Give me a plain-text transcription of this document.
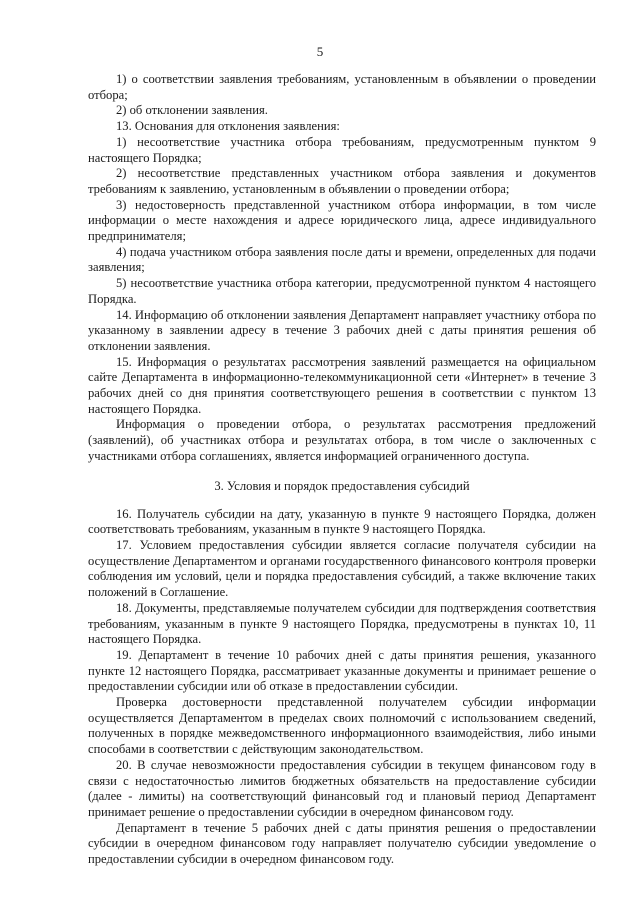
5

1) о соответствии заявления требованиям, установленным в объявлении о проведении отбора;

2) об отклонении заявления.

13. Основания для отклонения заявления:

1) несоответствие участника отбора требованиям, предусмотренным пунктом 9 настоящего Порядка;

2) несоответствие представленных участником отбора заявления и документов требованиям к заявлению, установленным в объявлении о проведении отбора;

3) недостоверность представленной участником отбора информации, в том числе информации о месте нахождения и адресе юридического лица, адресе индивидуального предпринимателя;

4) подача участником отбора заявления после даты и времени, определенных для подачи заявления;

5) несоответствие участника отбора категории, предусмотренной пунктом 4 настоящего Порядка.

14. Информацию об отклонении заявления Департамент направляет участнику отбора по указанному в заявлении адресу в течение 3 рабочих дней с даты принятия решения об отклонении заявления.

15. Информация о результатах рассмотрения заявлений размещается на официальном сайте Департамента в информационно-телекоммуникационной сети «Интернет» в течение 3 рабочих дней со дня принятия соответствующего решения в соответствии с пунктом 13 настоящего Порядка.

Информация о проведении отбора, о результатах рассмотрения предложений (заявлений), об участниках отбора и результатах отбора, в том числе о заключенных с участниками отбора соглашениях, является информацией ограниченного доступа.

3. Условия и порядок предоставления субсидий

16. Получатель субсидии на дату, указанную в пункте 9 настоящего Порядка, должен соответствовать требованиям, указанным в пункте 9 настоящего Порядка.

17. Условием предоставления субсидии является согласие получателя субсидии на осуществление Департаментом и органами государственного финансового контроля проверки соблюдения им условий, цели и порядка предоставления субсидий, а также включение таких положений в Соглашение.

18. Документы, представляемые получателем субсидии для подтверждения соответствия требованиям, указанным в пункте 9 настоящего Порядка, предусмотрены в пунктах 10, 11 настоящего Порядка.

19. Департамент в течение 10 рабочих дней с даты принятия решения, указанного пункте 12 настоящего Порядка, рассматривает указанные документы и принимает решение о предоставлении субсидии или об отказе в предоставлении субсидии.

Проверка достоверности представленной получателем субсидии информации осуществляется Департаментом в пределах своих полномочий с использованием сведений, полученных в порядке межведомственного информационного взаимодействия, либо иными способами в соответствии с действующим законодательством.

20. В случае невозможности предоставления субсидии в текущем финансовом году в связи с недостаточностью лимитов бюджетных обязательств на предоставление субсидии (далее - лимиты) на соответствующий финансовый год и плановый период Департамент принимает решение о предоставлении субсидии в очередном финансовом году.

Департамент в течение 5 рабочих дней с даты принятия решения о предоставлении субсидии в очередном финансовом году направляет получателю субсидии уведомление о предоставлении субсидии в очередном финансовом году.
